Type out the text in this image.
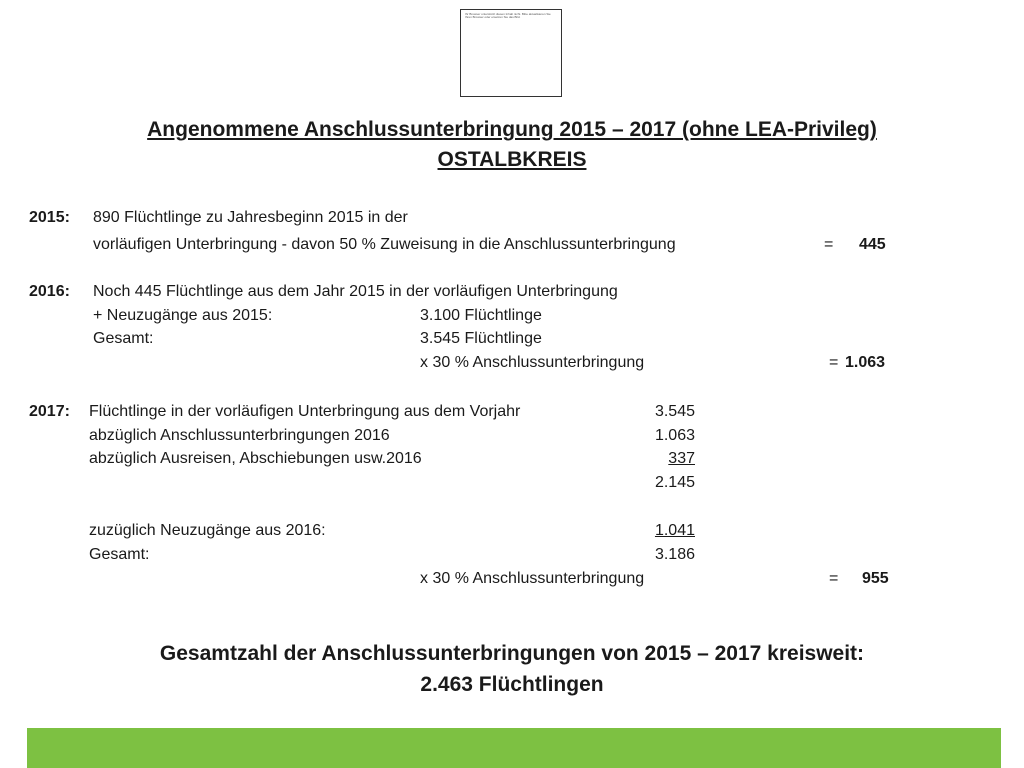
Ihr Browser unterstützt diesen Inhalt nicht. Bitte aktualisieren Sie Ihren Browser oder ersetzen Sie das Bild.
Angenommene Anschlussunterbringung 2015 – 2017 (ohne LEA-Privileg)
OSTALBKREIS
2015: 890 Flüchtlinge zu Jahresbeginn 2015 in der
vorläufigen Unterbringung - davon 50 % Zuweisung in die Anschlussunterbringung	= 445
2016: Noch 445 Flüchtlinge aus dem Jahr 2015 in der vorläufigen Unterbringung
+ Neuzugänge aus 2015:	3.100 Flüchtlinge
Gesamt:	3.545 Flüchtlinge
x 30 % Anschlussunterbringung	= 1.063
2017: Flüchtlinge in der vorläufigen Unterbringung aus dem Vorjahr	3.545
abzüglich Anschlussunterbringungen 2016	1.063
abzüglich Ausreisen, Abschiebungen usw.2016	337
2.145
zuzüglich Neuzugänge aus 2016:	1.041
Gesamt:	3.186
x 30 % Anschlussunterbringung	= 955
Gesamtzahl der Anschlussunterbringungen von 2015 – 2017 kreisweit:
2.463 Flüchtlingen
